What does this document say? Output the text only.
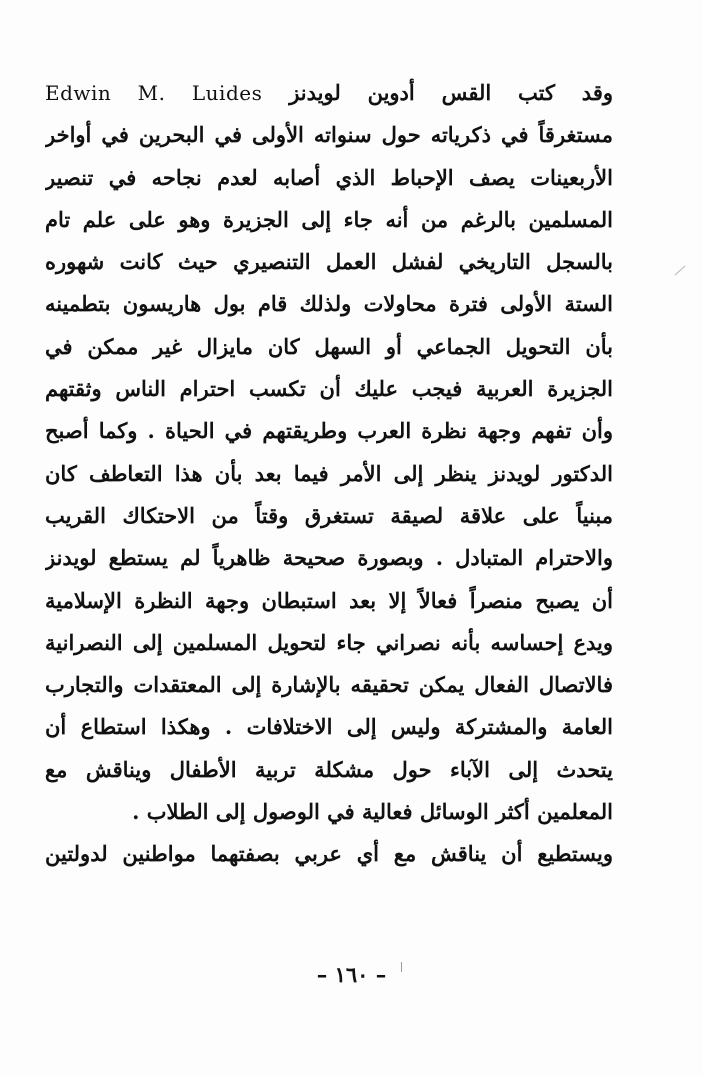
وقد كتب القس أدوين لويدنز Edwin M. Luides
مستغرقاً في ذكرياته حول سنواته الأولى في البحرين في أواخر
الأربعينات يصف الإحباط الذي أصابه لعدم نجاحه في تنصير
المسلمين بالرغم من أنه جاء إلى الجزيرة وهو على علم تام
بالسجل التاريخي لفشل العمل التنصيري حيث كانت شهوره
الستة الأولى فترة محاولات ولذلك قام بول هاريسون بتطمينه
بأن التحويل الجماعي أو السهل كان مايزال غير ممكن في
الجزيرة العربية فيجب عليك أن تكسب احترام الناس وثقتهم
وأن تفهم وجهة نظرة العرب وطريقتهم في الحياة . وكما أصبح
الدكتور لويدنز ينظر إلى الأمر فيما بعد بأن هذا التعاطف كان
مبنياً على علاقة لصيقة تستغرق وقتاً من الاحتكاك القريب
والاحترام المتبادل . وبصورة صحيحة ظاهرياً لم يستطع لويدنز
أن يصبح منصراً فعالاً إلا بعد استبطان وجهة النظرة الإسلامية
ويدع إحساسه بأنه نصراني جاء لتحويل المسلمين إلى النصرانية
فالاتصال الفعال يمكن تحقيقه بالإشارة إلى المعتقدات والتجارب
العامة والمشتركة وليس إلى الاختلافات . وهكذا استطاع أن
يتحدث إلى الآباء حول مشكلة تربية الأطفال ويناقش مع
المعلمين أكثر الوسائل فعالية في الوصول إلى الطلاب .
ويستطيع أن يناقش مع أي عربي بصفتهما مواطنين لدولتين
– ١٦٠ –
